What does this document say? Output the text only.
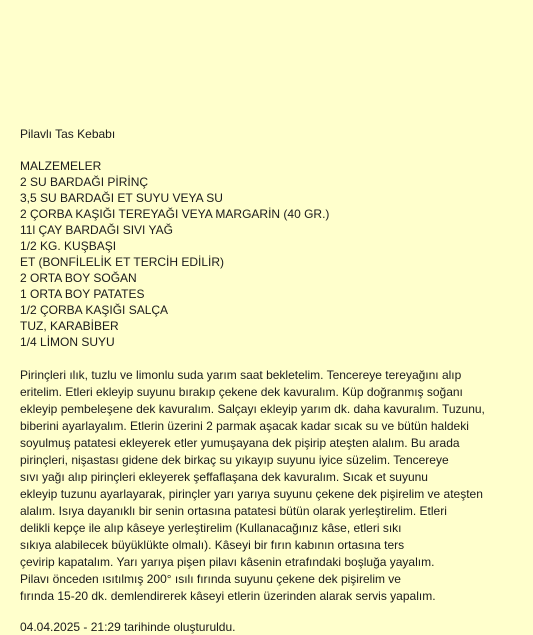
Pilavlı Tas Kebabı
MALZEMELER
2 SU BARDAĞI PİRİNÇ
3,5 SU BARDAĞI ET SUYU VEYA SU
2 ÇORBA KAŞIĞI TEREYAĞI VEYA MARGARİN (40 GR.)
11l ÇAY BARDAĞI SIVI YAĞ
1/2 KG. KUŞBAŞI
ET (BONFİLELİK ET TERCİH EDİLİR)
2 ORTA BOY SOĞAN
1 ORTA BOY PATATES
1/2 ÇORBA KAŞIĞI SALÇA
TUZ, KARABİBER
1/4 LİMON SUYU
Pirinçleri ılık, tuzlu ve limonlu suda yarım saat bekletelim. Tencereye tereyağını alıp
eritelim. Etleri ekleyip suyunu bırakıp çekene dek kavuralım. Küp doğranmış soğanı
ekleyip pembeleşene dek kavuralım. Salçayı ekleyip yarım dk. daha kavuralım. Tuzunu,
biberini ayarlayalım. Etlerin üzerini 2 parmak aşacak kadar sıcak su ve bütün haldeki
soyulmuş patatesi ekleyerek etler yumuşayana dek pişirip ateşten alalım. Bu arada
pirinçleri, nişastası gidene dek birkaç su yıkayıp suyunu iyice süzelim. Tencereye
sıvı yağı alıp pirinçleri ekleyerek şeffaflaşana dek kavuralım. Sıcak et suyunu
ekleyip tuzunu ayarlayarak, pirinçler yarı yarıya suyunu çekene dek pişirelim ve ateşten
alalım. Isıya dayanıklı bir senin ortasına patatesi bütün olarak yerleştirelim. Etleri
delikli kepçe ile alıp kâseye yerleştirelim (Kullanacağınız kâse, etleri sıkı
sıkıya alabilecek büyüklükte olmalı). Kâseyi bir fırın kabının ortasına ters
çevirip kapatalım. Yarı yarıya pişen pilavı kâsenin etrafındaki boşluğa yayalım.
Pilavı önceden ısıtılmış 200° ısılı fırında suyunu çekene dek pişirelim ve
fırında 15-20 dk. demlendirerek kâseyi etlerin üzerinden alarak servis yapalım.
04.04.2025 - 21:29 tarihinde oluşturuldu.
